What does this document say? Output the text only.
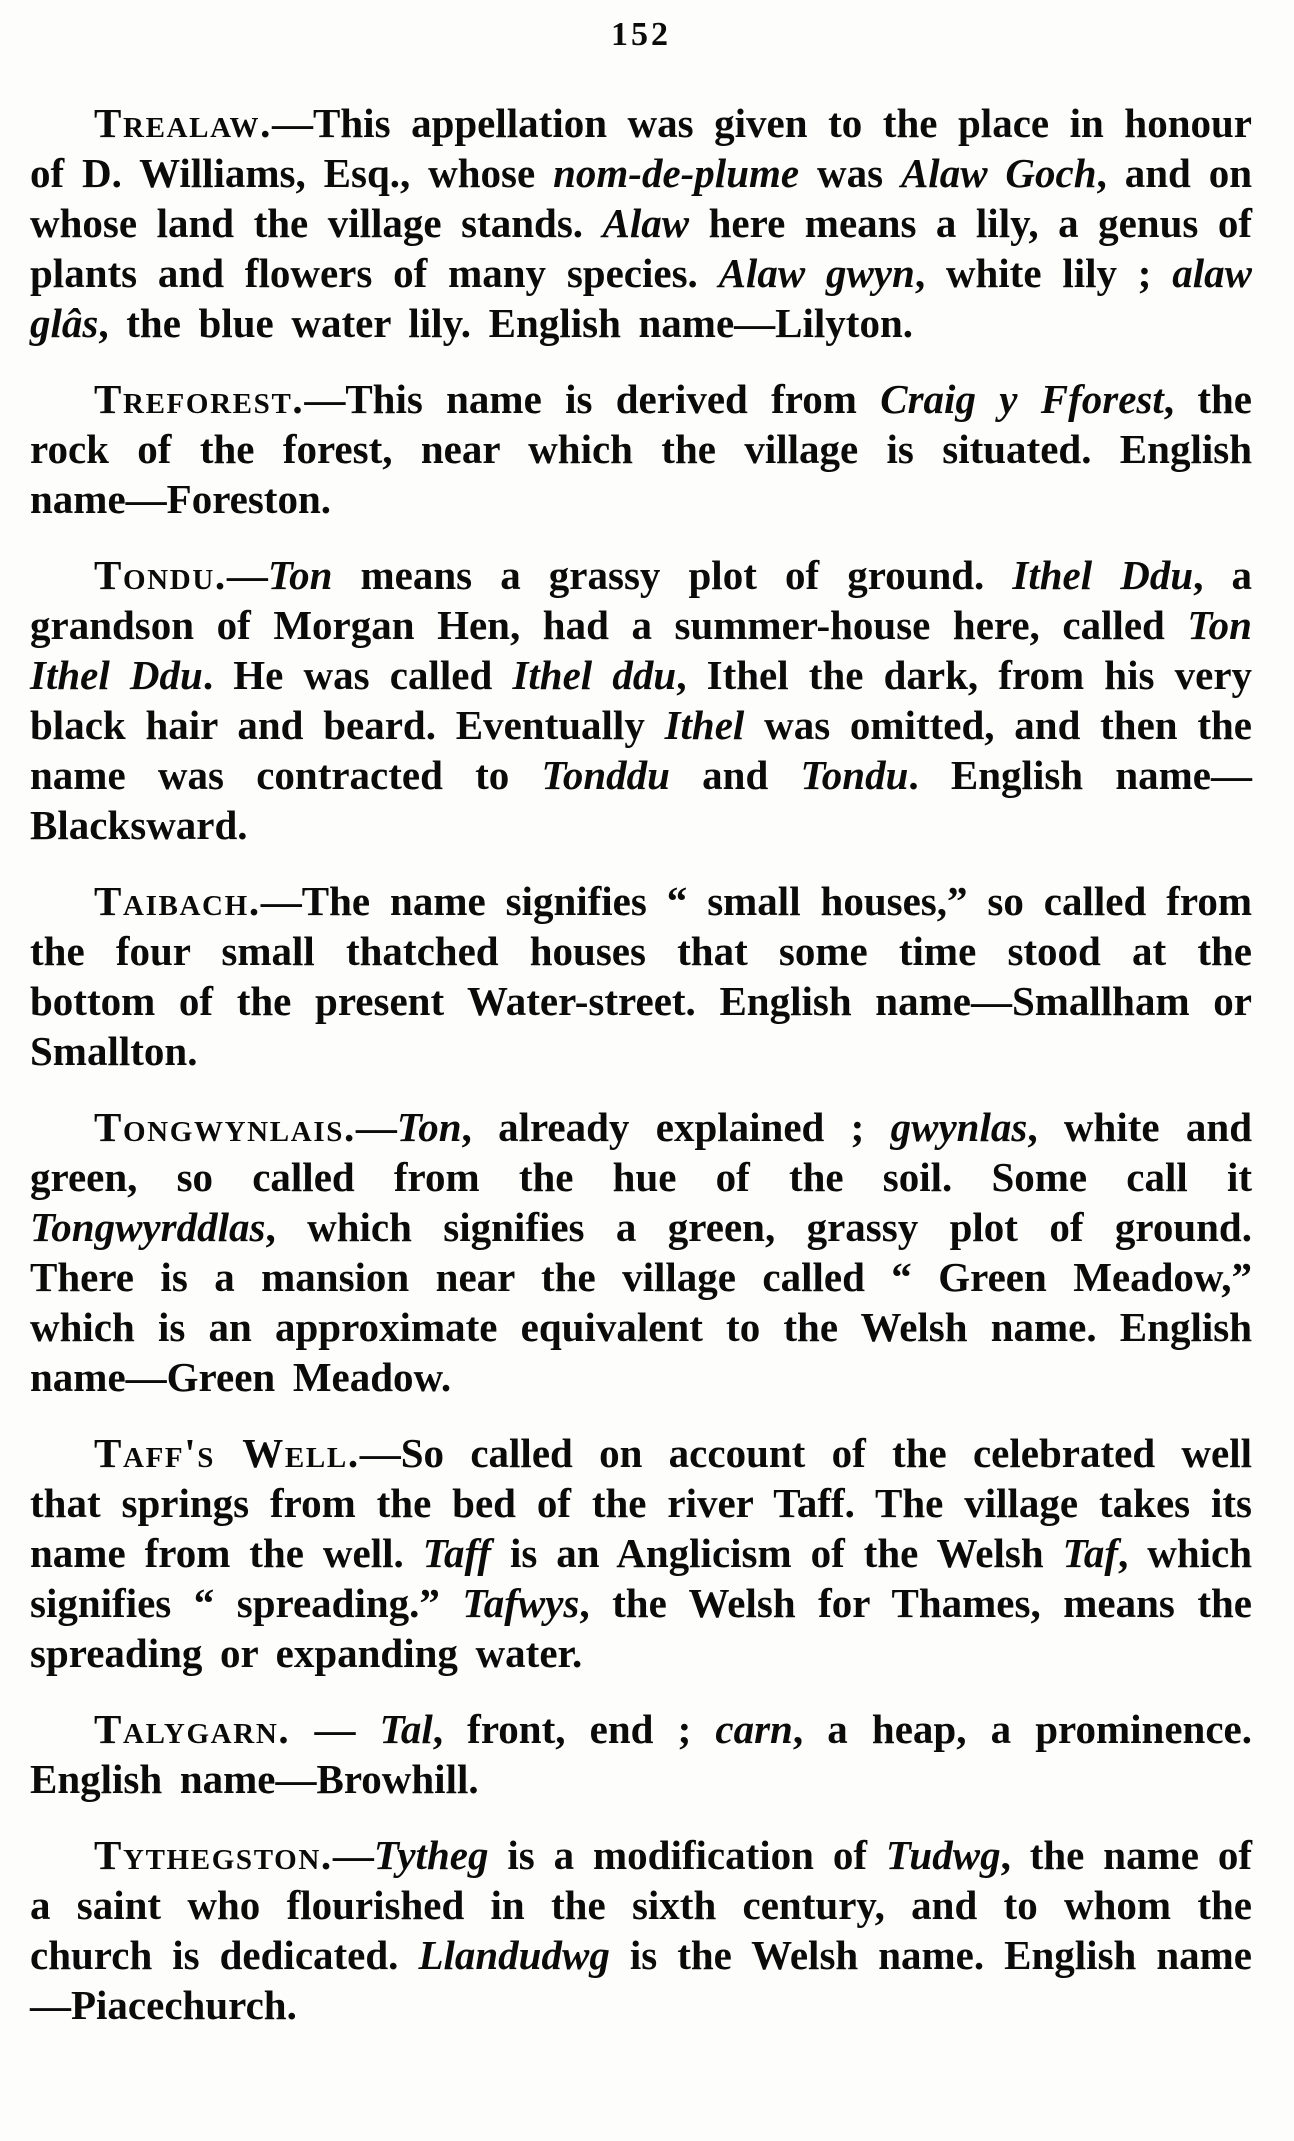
152

Trealaw.—This appellation was given to the place in honour of D. Williams, Esq., whose nom-de-plume was Alaw Goch, and on whose land the village stands. Alaw here means a lily, a genus of plants and flowers of many species. Alaw gwyn, white lily ; alaw glâs, the blue water lily. English name—Lilyton.

Treforest.—This name is derived from Craig y Fforest, the rock of the forest, near which the village is situated. English name—Foreston.

Tondu.—Ton means a grassy plot of ground. Ithel Ddu, a grandson of Morgan Hen, had a summer-house here, called Ton Ithel Ddu. He was called Ithel ddu, Ithel the dark, from his very black hair and beard. Eventually Ithel was omitted, and then the name was contracted to Tonddu and Tondu. English name—Blacksward.

Taibach.—The name signifies “ small houses,” so called from the four small thatched houses that some time stood at the bottom of the present Water-street. English name—Smallham or Smallton.

Tongwynlais.—Ton, already explained ; gwynlas, white and green, so called from the hue of the soil. Some call it Tongwyrddlas, which signifies a green, grassy plot of ground. There is a mansion near the village called “ Green Meadow,” which is an approximate equivalent to the Welsh name. English name—Green Meadow.

Taff's Well.—So called on account of the celebrated well that springs from the bed of the river Taff. The village takes its name from the well. Taff is an Anglicism of the Welsh Taf, which signifies “ spreading.” Tafwys, the Welsh for Thames, means the spreading or expanding water.

Talygarn. — Tal, front, end ; carn, a heap, a prominence. English name—Browhill.

Tythegston.—Tytheg is a modification of Tudwg, the name of a saint who flourished in the sixth century, and to whom the church is dedicated. Llandudwg is the Welsh name. English name—Piacechurch.
